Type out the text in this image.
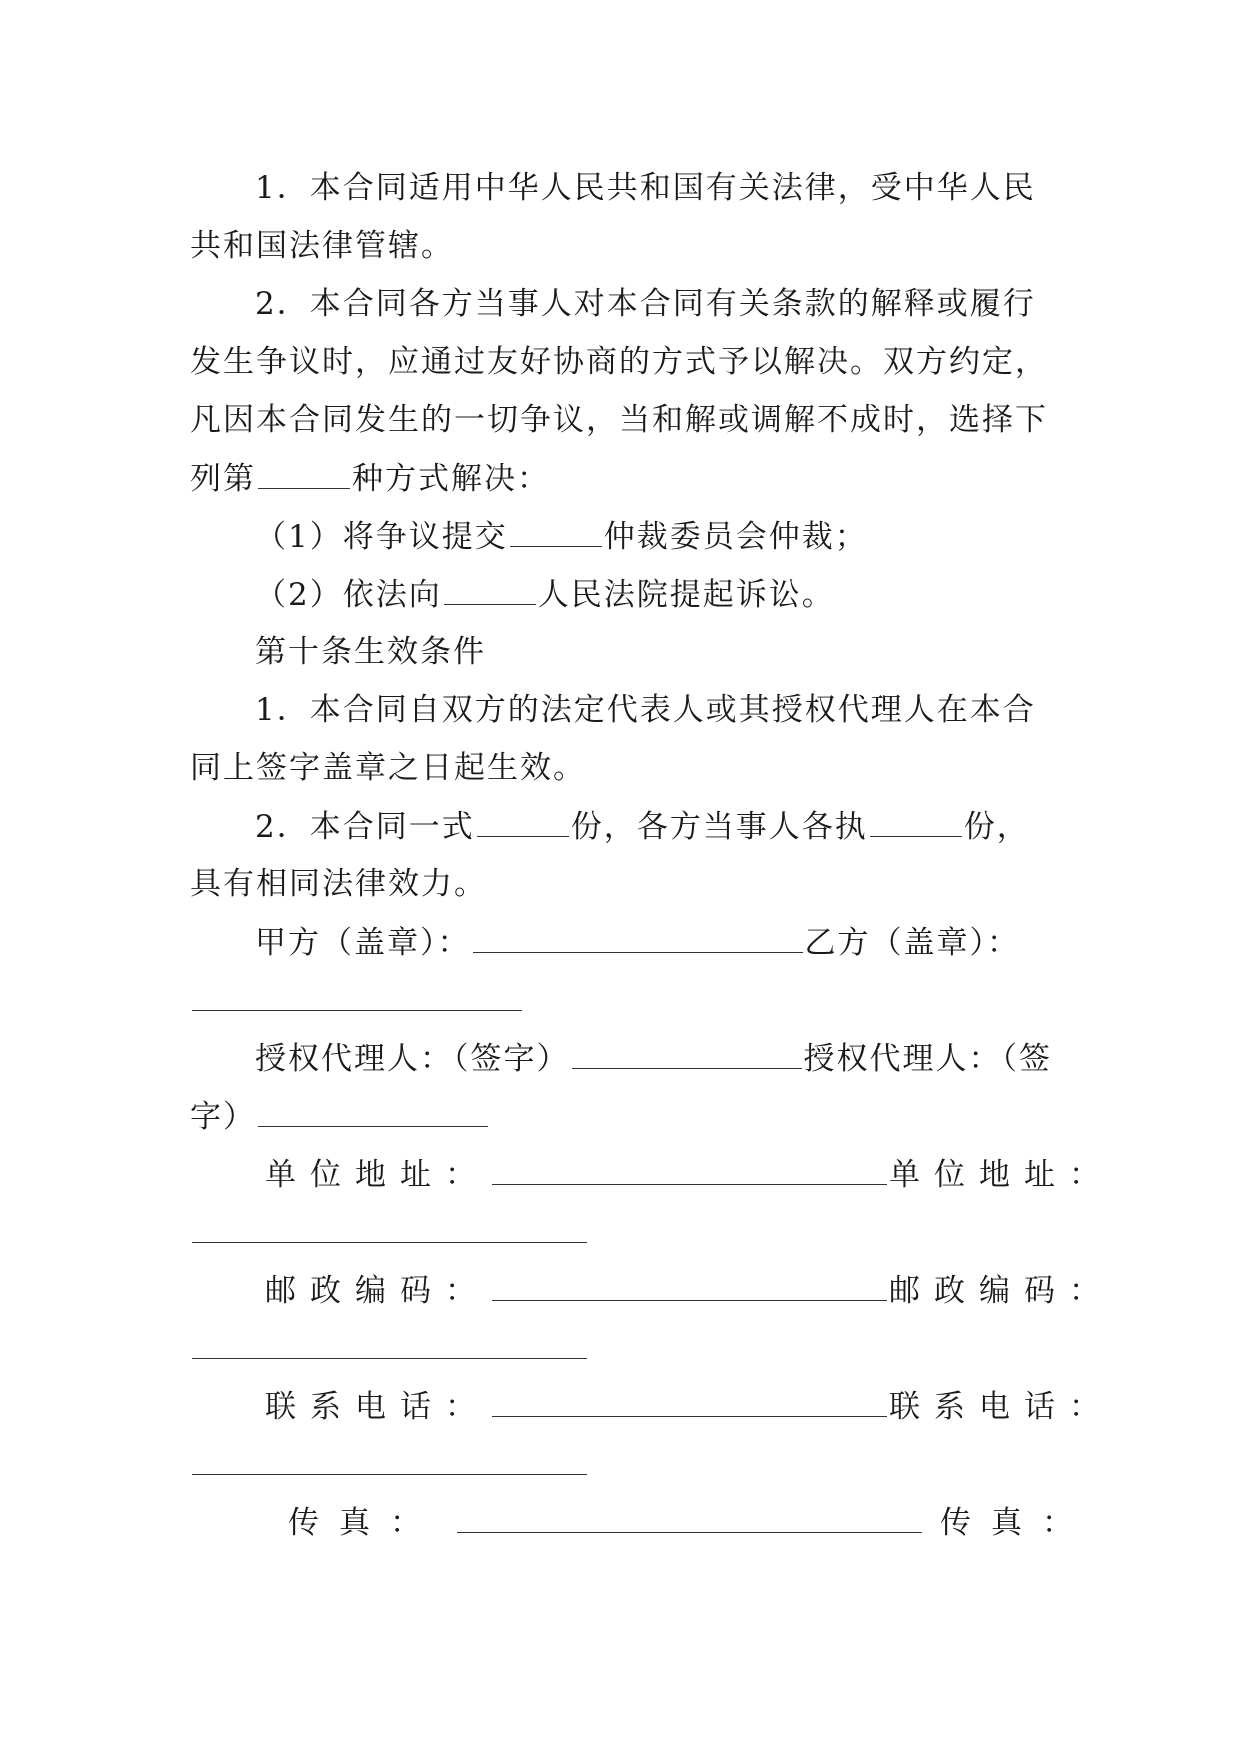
1．本合同适用中华人民共和国有关法律，受中华人民
共和国法律管辖。
2．本合同各方当事人对本合同有关条款的解释或履行
发生争议时，应通过友好协商的方式予以解决。双方约定，
凡因本合同发生的一切争议，当和解或调解不成时，选择下
列第	种方式解决：
（1）将争议提交	仲裁委员会仲裁；
（2）依法向	人民法院提起诉讼。
第十条生效条件
1．本合同自双方的法定代表人或其授权代理人在本合
同上签字盖章之日起生效。
2．本合同一式	份，各方当事人各执	份，
具有相同法律效力。
甲方（盖章）：	乙方（盖章）：
授权代理人：（签字）	授权代理人：（签
字）
单位地址：	单位地址：
邮政编码：	邮政编码：
联系电话：	联系电话：
传真：	传真：
